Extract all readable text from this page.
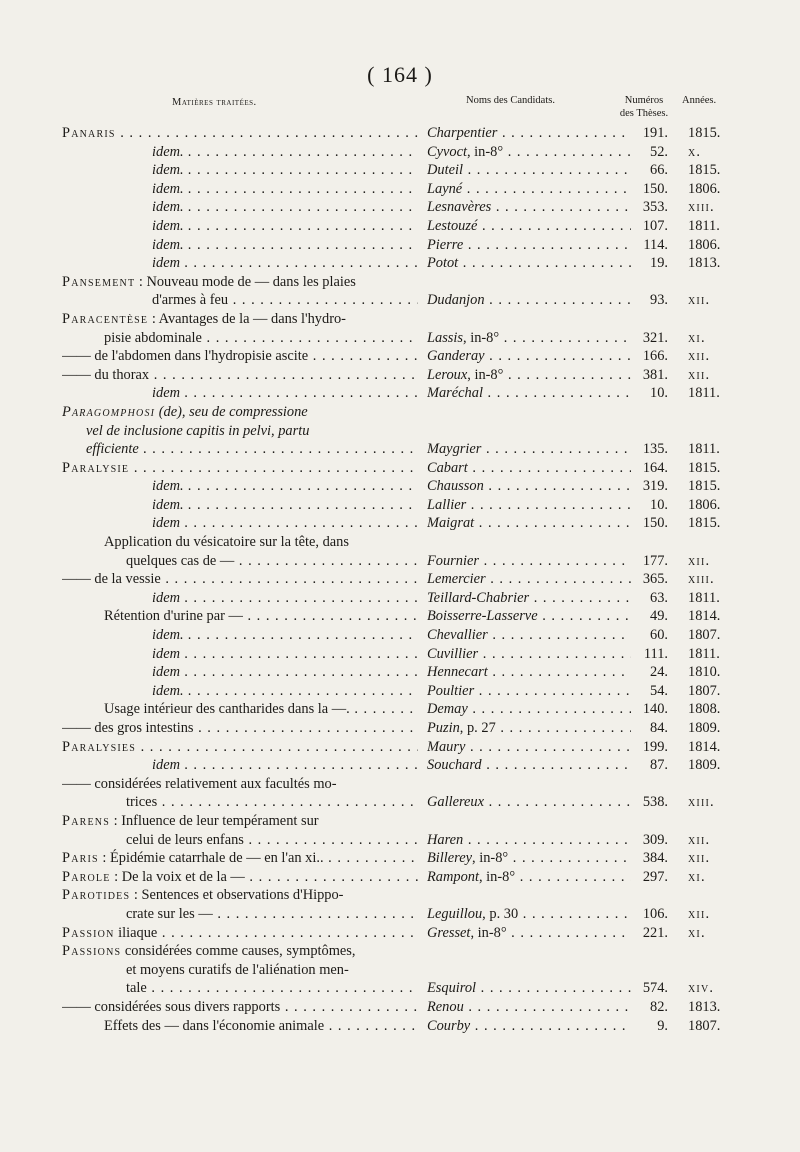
( 164 )
Matières traitées.	Noms des Candidats.	Numéros
des Thèses.
Années.
Panaris . . .	Charpentier . . .	191. 1815.
idem. . . .	Cyvoct, in-8° . . .	52. x.
idem. . . .	Duteil . . .	66. 1815.
idem. . . .	Layné . . .	150. 1806.
idem. . . .	Lesnavères . . .	353. xiii.
idem. . . .	Lestouzé . . .	107. 1811.
idem. . . .	Pierre . . .	114. 1806.
idem . . .	Potot . . .	19. 1813.
Pansement : Nouveau mode de — dans les plaies
d'armes à feu . . .	Dudanjon . . .	93. xii.
Paracentèse : Avantages de la — dans l'hydro-
pisie abdominale . . .	Lassis, in-8° . . .	321. xi.
—— de l'abdomen dans l'hydropisie ascite . . .	Ganderay . . .	166. xii.
—— du thorax . . .	Leroux, in-8° . . .	381. xii.
idem . . .	Maréchal . . .	10. 1811.
Paragomphosi (de), seu de compressione
vel de inclusione capitis in pelvi, partu
efficiente . . .	Maygrier . . .	135. 1811.
Paralysie . . .	Cabart . . .	164. 1815.
idem. . . .	Chausson . . .	319. 1815.
idem. . . .	Lallier . . .	10. 1806.
idem . . .	Maigrat . . .	150. 1815.
Application du vésicatoire sur la tête, dans
quelques cas de — . . .	Fournier . . .	177. xii.
—— de la vessie . . .	Lemercier . . .	365. xiii.
idem . . .	Teillard-Chabrier . . .	63. 1811.
Rétention d'urine par — . . .	Boisserre-Lasserve . . .	49. 1814.
idem. . . .	Chevallier . . .	60. 1807.
idem . . .	Cuvillier . . .	111. 1811.
idem . . .	Hennecart . . .	24. 1810.
idem. . . .	Poultier . . .	54. 1807.
Usage intérieur des cantharides dans la —. . . .	Demay . . .	140. 1808.
—— des gros intestins . . .	Puzin, p. 27 . . .	84. 1809.
Paralysies . . .	Maury . . .	199. 1814.
idem . . .	Souchard . . .	87. 1809.
—— considérées relativement aux facultés mo-
trices . . .	Gallereux . . .	538. xiii.
Parens : Influence de leur tempérament sur
celui de leurs enfans . . .	Haren . . .	309. xii.
Paris : Épidémie catarrhale de — en l'an xi.. . . .	Billerey, in-8° . . .	384. xii.
Parole : De la voix et de la — . . .	Rampont, in-8° . . .	297. xi.
Parotides : Sentences et observations d'Hippo-
crate sur les — . . .	Leguillou, p. 30 . . .	106. xii.
Passion iliaque . . .	Gresset, in-8° . . .	221. xi.
Passions considérées comme causes, symptômes,
et moyens curatifs de l'aliénation men-
tale . . .	Esquirol . . .	574. xiv.
—— considérées sous divers rapports . . .	Renou . . .	82. 1813.
Effets des — dans l'économie animale . . .	Courby . . .	9. 1807.
